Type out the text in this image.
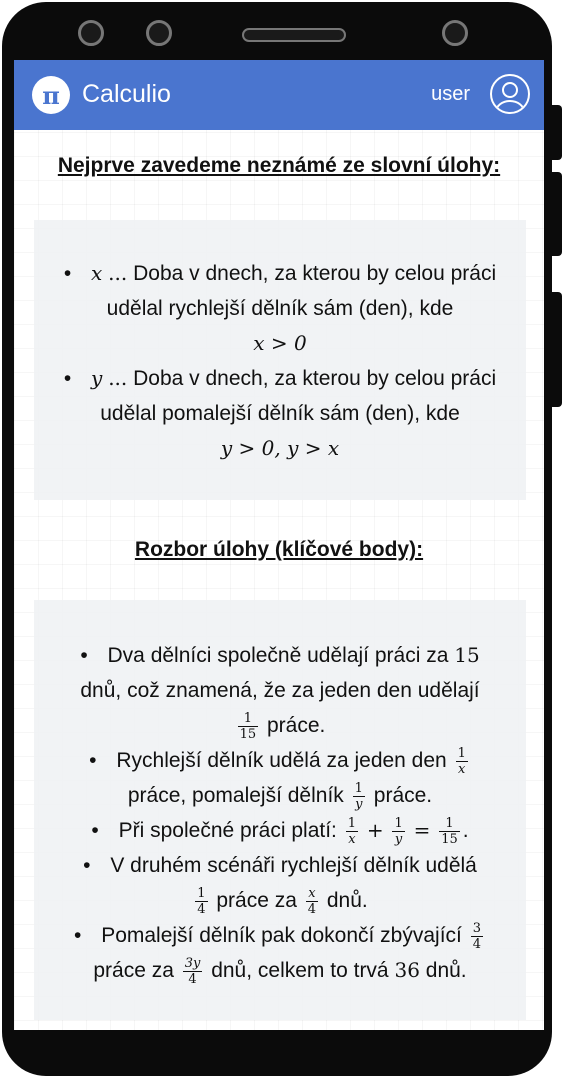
π Calculio	user
Nejprve zavedeme neznámé ze slovní úlohy:
• x ... Doba v dnech, za kterou by celou práci udělal rychlejší dělník sám (den), kde
x > 0
• y ... Doba v dnech, za kterou by celou práci udělal pomalejší dělník sám (den), kde
y > 0, y > x
Rozbor úlohy (klíčové body):
• Dva dělníci společně udělají práci za 15
dnů, což znamená, že za jeden den udělají

$\frac{1}{15}$ práce.
• Rychlejší dělník udělá za jeden den $\frac{1}{x}$

práce, pomalejší dělník $\frac{1}{y}$ práce.
• Při společné práci platí: $\frac{1}{x} + \frac{1}{y} = \frac{1}{15}$ .
• V druhém scénáři rychlejší dělník udělá

$\frac{1}{4}$ práce za $\frac{x}{4}$ dnů.
• Pomalejší dělník pak dokončí zbývající $\frac{3}{4}$

práce za $\frac{3y}{4}$ dnů, celkem to trvá 36 dnů.
